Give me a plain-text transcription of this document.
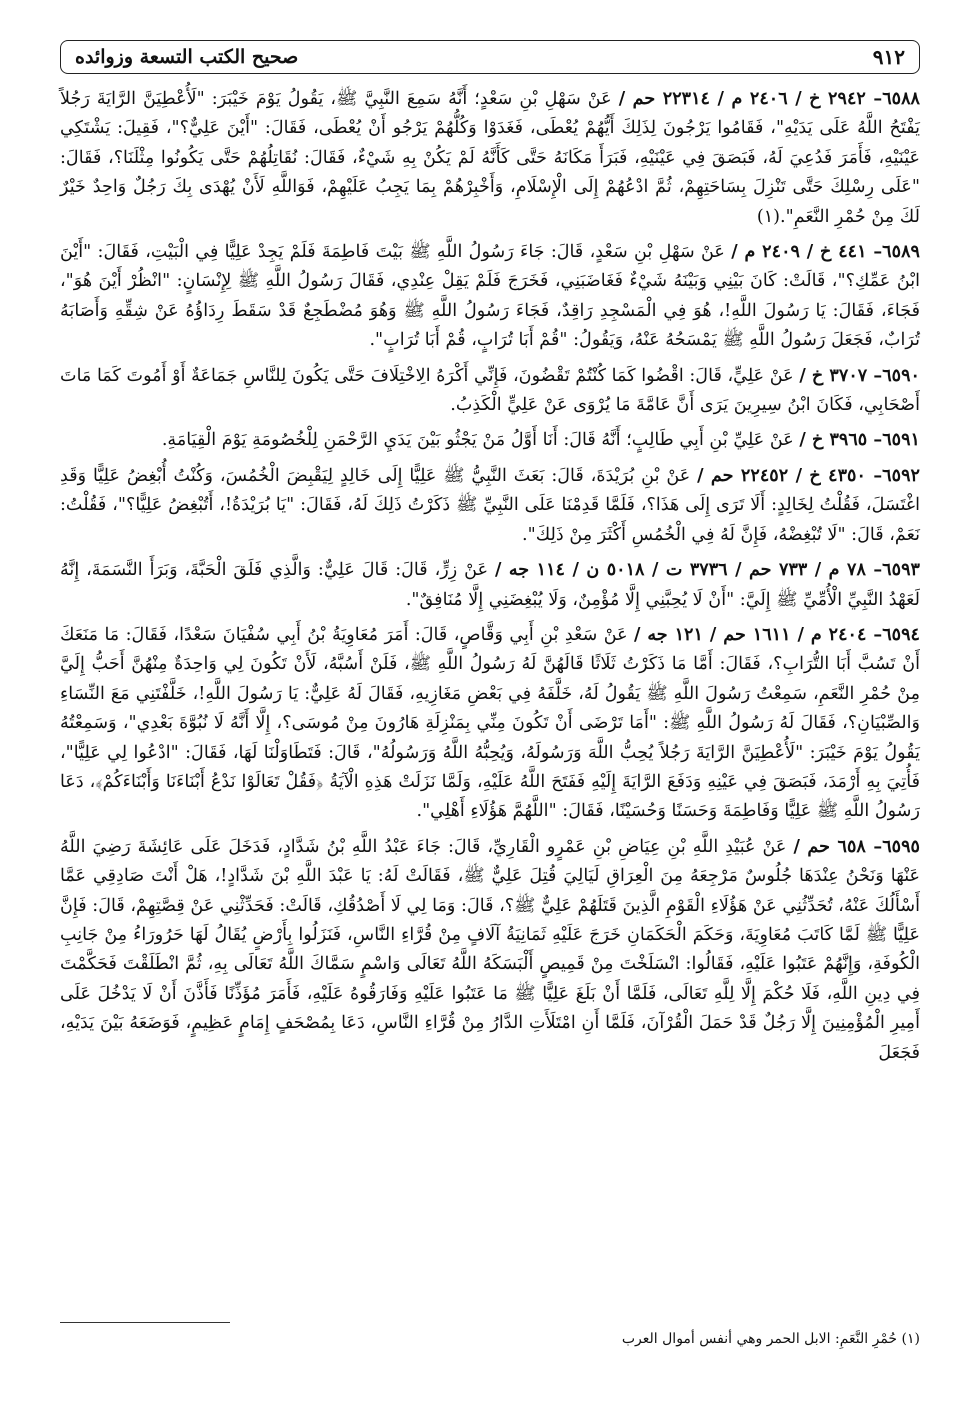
٩١٢
صحيح الكتب التسعة وزوائده

٦٥٨٨– ٢٩٤٢ خ / ٢٤٠٦ م / ٢٢٣١٤ حم / عَنْ سَهْلِ بْنِ سَعْدٍ؛ أَنَّهُ سَمِعَ النَّبِيَّ ﷺ، يَقُولُ يَوْمَ خَيْبَرَ: "لَأُعْطِيَنَّ الرَّايَةَ رَجُلاً يَفْتَحُ اللَّهُ عَلَى يَدَيْهِ"، فَقَامُوا يَرْجُونَ لِذَلِكَ أَيُّهُمْ يُعْطَى، فَغَدَوْا وَكُلُّهُمْ يَرْجُو أَنْ يُعْطَى، فَقَالَ: "أَيْنَ عَلِيٌّ؟"، فَقِيلَ: يَشْتَكِي عَيْنَيْهِ، فَأَمَرَ فَدُعِيَ لَهُ، فَبَصَقَ فِي عَيْنَيْهِ، فَبَرَأَ مَكَانَهُ حَتَّى كَأَنَّهُ لَمْ يَكُنْ بِهِ شَيْءٌ، فَقَالَ: نُقَاتِلُهُمْ حَتَّى يَكُونُوا مِثْلَنَا؟، فَقَالَ: "عَلَى رِسْلِكَ حَتَّى تَنْزِلَ بِسَاحَتِهِمْ، ثُمَّ ادْعُهُمْ إِلَى الْإِسْلَامِ، وَأَخْبِرْهُمْ بِمَا يَجِبُ عَلَيْهِمْ، فَوَاللَّهِ لَأَنْ يُهْدَى بِكَ رَجُلٌ وَاحِدٌ خَيْرٌ لَكَ مِنْ حُمْرِ النَّعَمِ".(١)

٦٥٨٩– ٤٤١ خ / ٢٤٠٩ م / عَنْ سَهْلِ بْنِ سَعْدٍ، قَالَ: جَاءَ رَسُولُ اللَّهِ ﷺ بَيْتَ فَاطِمَةَ فَلَمْ يَجِدْ عَلِيًّا فِي الْبَيْتِ، فَقَالَ: "أَيْنَ ابْنُ عَمِّكِ؟"، قَالَتْ: كَانَ بَيْنِي وَبَيْنَهُ شَيْءٌ فَغَاضَبَنِي، فَخَرَجَ فَلَمْ يَقِلْ عِنْدِي، فَقَالَ رَسُولُ اللَّهِ ﷺ لِإِنْسَانٍ: "انْظُرْ أَيْنَ هُوَ"، فَجَاءَ، فَقَالَ: يَا رَسُولَ اللَّهِ!، هُوَ فِي الْمَسْجِدِ رَاقِدٌ، فَجَاءَ رَسُولُ اللَّهِ ﷺ وَهُوَ مُضْطَجِعٌ قَدْ سَقَطَ رِدَاؤُهُ عَنْ شِقِّهِ وَأَصَابَهُ تُرَابٌ، فَجَعَلَ رَسُولُ اللَّهِ ﷺ يَمْسَحُهُ عَنْهُ، وَيَقُولُ: "قُمْ أَبَا تُرَابٍ، قُمْ أَبَا تُرَابٍ".

٦٥٩٠– ٣٧٠٧ خ / عَنْ عَلِيٍّ، قَالَ: اقْضُوا كَمَا كُنْتُمْ تَقْضُونَ، فَإِنِّي أَكْرَهُ الِاخْتِلَافَ حَتَّى يَكُونَ لِلنَّاسِ جَمَاعَةٌ أَوْ أَمُوتَ كَمَا مَاتَ أَصْحَابِي، فَكَانَ ابْنُ سِيرِينَ يَرَى أَنَّ عَامَّةَ مَا يُرْوَى عَنْ عَلِيٍّ الْكَذِبُ.

٦٥٩١– ٣٩٦٥ خ / عَنْ عَلِيِّ بْنِ أَبِي طَالِبٍ؛ أَنَّهُ قَالَ: أَنَا أَوَّلُ مَنْ يَجْثُو بَيْنَ يَدَيِ الرَّحْمَنِ لِلْخُصُومَةِ يَوْمَ الْقِيَامَةِ.

٦٥٩٢– ٤٣٥٠ خ / ٢٢٤٥٢ حم / عَنْ بْنِ بُرَيْدَةَ، قَالَ: بَعَثَ النَّبِيُّ ﷺ عَلِيًّا إِلَى خَالِدٍ لِيَقْبِضَ الْخُمُسَ، وَكُنْتُ أُبْغِضُ عَلِيًّا وَقَدِ اغْتَسَلَ، فَقُلْتُ لِخَالِدٍ: أَلَا تَرَى إِلَى هَذَا؟، فَلَمَّا قَدِمْنَا عَلَى النَّبِيِّ ﷺ ذَكَرْتُ ذَلِكَ لَهُ، فَقَالَ: "يَا بُرَيْدَةُ!، أَتُبْغِضُ عَلِيًّا؟"، فَقُلْتُ: نَعَمْ، قَالَ: "لَا تُبْغِضْهُ، فَإِنَّ لَهُ فِي الْخُمُسِ أَكْثَرَ مِنْ ذَلِكَ".

٦٥٩٣– ٧٨ م / ٧٣٣ حم / ٣٧٣٦ ت / ٥٠١٨ ن / ١١٤ جه / عَنْ زِرٍّ، قَالَ: قَالَ عَلِيٌّ: وَالَّذِي فَلَقَ الْحَبَّةَ، وَبَرَأَ النَّسَمَةَ، إِنَّهُ لَعَهْدُ النَّبِيِّ الْأُمِّيِّ ﷺ إِلَيَّ: "أَنْ لَا يُحِبَّنِي إِلَّا مُؤْمِنٌ، وَلَا يُبْغِضَنِي إِلَّا مُنَافِقٌ".

٦٥٩٤– ٢٤٠٤ م / ١٦١١ حم / ١٢١ جه / عَنْ سَعْدِ بْنِ أَبِي وَقَّاصٍ، قَالَ: أَمَرَ مُعَاوِيَةُ بْنُ أَبِي سُفْيَانَ سَعْدًا، فَقَالَ: مَا مَنَعَكَ أَنْ تَسُبَّ أَبَا التُّرَابِ؟، فَقَالَ: أَمَّا مَا ذَكَرْتُ ثَلَاثًا قَالَهُنَّ لَهُ رَسُولُ اللَّهِ ﷺ، فَلَنْ أَسُبَّهُ، لَأَنْ تَكُونَ لِي وَاحِدَةٌ مِنْهُنَّ أَحَبُّ إِلَيَّ مِنْ حُمْرِ النَّعَمِ، سَمِعْتُ رَسُولَ اللَّهِ ﷺ يَقُولُ لَهُ، خَلَّفَهُ فِي بَعْضِ مَغَازِيهِ، فَقَالَ لَهُ عَلِيٌّ: يَا رَسُولَ اللَّهِ!، خَلَّفْتَنِي مَعَ النِّسَاءِ وَالصِّبْيَانِ؟، فَقَالَ لَهُ رَسُولُ اللَّهِ ﷺ: "أَمَا تَرْضَى أَنْ تَكُونَ مِنِّي بِمَنْزِلَةِ هَارُونَ مِنْ مُوسَى؟، إِلَّا أَنَّهُ لَا نُبُوَّةَ بَعْدِي"، وَسَمِعْتُهُ يَقُولُ يَوْمَ خَيْبَرَ: "لَأُعْطِيَنَّ الرَّايَةَ رَجُلاً يُحِبُّ اللَّهَ وَرَسُولَهُ، وَيُحِبُّهُ اللَّهُ وَرَسُولُهُ"، قَالَ: فَتَطَاوَلْنَا لَهَا، فَقَالَ: "ادْعُوا لِي عَلِيًّا"، فَأُتِيَ بِهِ أَرْمَدَ، فَبَصَقَ فِي عَيْنِهِ وَدَفَعَ الرَّايَةَ إِلَيْهِ فَفَتَحَ اللَّهُ عَلَيْهِ، وَلَمَّا نَزَلَتْ هَذِهِ الْآيَةُ ﴿فَقُلْ تَعَالَوْا نَدْعُ أَبْنَاءَنَا وَأَبْنَاءَكُمْ﴾، دَعَا رَسُولُ اللَّهِ ﷺ عَلِيًّا وَفَاطِمَةَ وَحَسَنًا وَحُسَيْنًا، فَقَالَ: "اللَّهُمَّ هَؤُلَاءِ أَهْلِي".

٦٥٩٥– ٦٥٨ حم / عَنْ عُبَيْدِ اللَّهِ بْنِ عِيَاضِ بْنِ عَمْرٍو الْقَارِيِّ، قَالَ: جَاءَ عَبْدُ اللَّهِ بْنُ شَدَّادٍ، فَدَخَلَ عَلَى عَائِشَةَ رَضِيَ اللَّهُ عَنْهَا وَنَحْنُ عِنْدَهَا جُلُوسٌ مَرْجِعَهُ مِنَ الْعِرَاقِ لَيَالِيَ قُتِلَ عَلِيٌّ ﷺ، فَقَالَتْ لَهُ: يَا عَبْدَ اللَّهِ بْنَ شَدَّادٍ!، هَلْ أَنْتَ صَادِقِي عَمَّا أَسْأَلُكَ عَنْهُ، تُحَدِّثُنِي عَنْ هَؤُلَاءِ الْقَوْمِ الَّذِينَ قَتَلَهُمْ عَلِيٌّ ﷺ؟، قَالَ: وَمَا لِي لَا أَصْدُقُكِ، قَالَتْ: فَحَدِّثْنِي عَنْ قِصَّتِهِمْ، قَالَ: فَإِنَّ عَلِيًّا ﷺ لَمَّا كَاتَبَ مُعَاوِيَةَ، وَحَكَمَ الْحَكَمَانِ خَرَجَ عَلَيْهِ ثَمَانِيَةُ آلَافٍ مِنْ قُرَّاءِ النَّاسِ، فَنَزَلُوا بِأَرْضٍ يُقَالُ لَهَا حَرُورَاءُ مِنْ جَانِبِ الْكُوفَةِ، وَإِنَّهُمْ عَتَبُوا عَلَيْهِ، فَقَالُوا: انْسَلَخْتَ مِنْ قَمِيصٍ أَلْبَسَكَهُ اللَّهُ تَعَالَى وَاسْمٍ سَمَّاكَ اللَّهُ تَعَالَى بِهِ، ثُمَّ انْطَلَقْتَ فَحَكَّمْتَ فِي دِينِ اللَّهِ، فَلَا حُكْمَ إِلَّا لِلَّهِ تَعَالَى، فَلَمَّا أَنْ بَلَغَ عَلِيًّا ﷺ مَا عَتَبُوا عَلَيْهِ وَفَارَقُوهُ عَلَيْهِ، فَأَمَرَ مُؤَذِّنًا فَأَذَّنَ أَنْ لَا يَدْخُلَ عَلَى أَمِيرِ الْمُؤْمِنِينَ إِلَّا رَجُلٌ قَدْ حَمَلَ الْقُرْآنَ، فَلَمَّا أَنِ امْتَلَأَتِ الدَّارُ مِنْ قُرَّاءِ النَّاسِ، دَعَا بِمُصْحَفٍ إِمَامٍ عَظِيمٍ، فَوَضَعَهُ بَيْنَ يَدَيْهِ، فَجَعَلَ

(١) حُمْرِ النَّعَمِ: الابل الحمر وهي أنفس أموال العرب
